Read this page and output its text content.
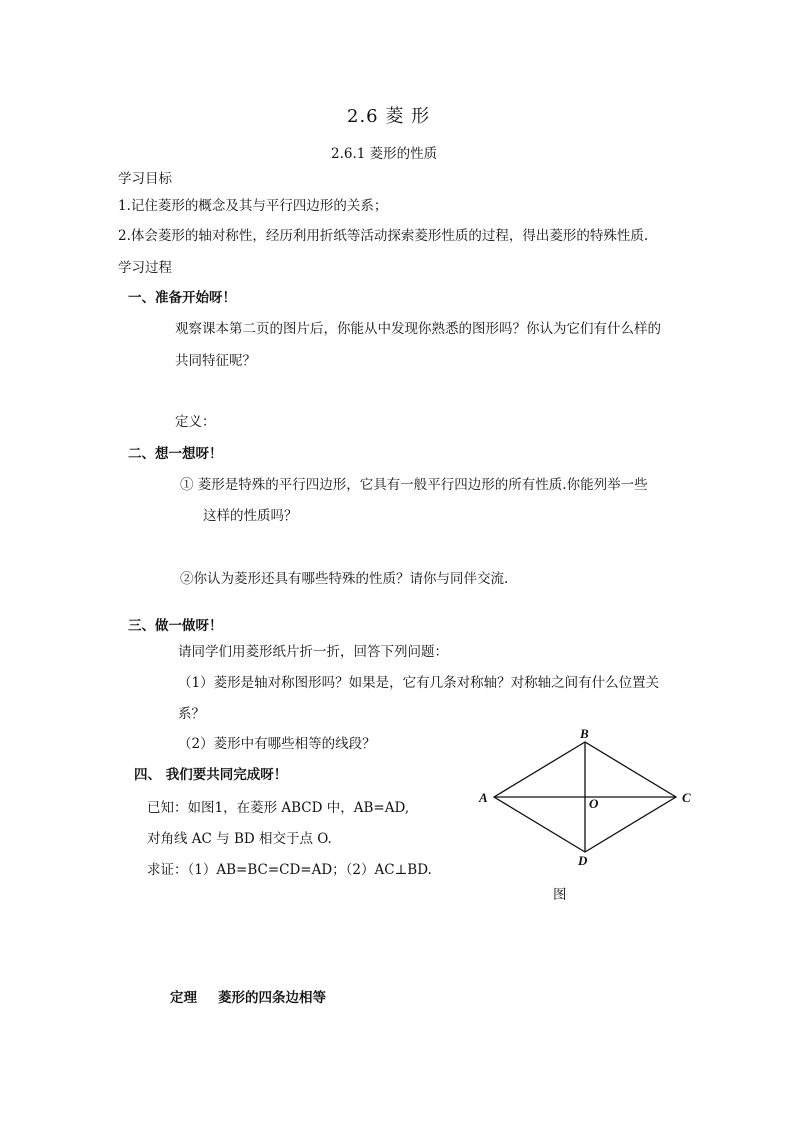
2.6 菱 形
2.6.1 菱形的性质
学习目标
1.记住菱形的概念及其与平行四边形的关系；
2.体会菱形的轴对称性，经历利用折纸等活动探索菱形性质的过程，得出菱形的特殊性质.
学习过程
一、准备开始呀！
观察课本第二页的图片后，你能从中发现你熟悉的图形吗？你认为它们有什么样的
共同特征呢？
定义：
二、想一想呀！
① 菱形是特殊的平行四边形，它具有一般平行四边形的所有性质.你能列举一些
这样的性质吗？
②你认为菱形还具有哪些特殊的性质？请你与同伴交流.
三、做一做呀！
请同学们用菱形纸片折一折，回答下列问题：
（1）菱形是轴对称图形吗？如果是，它有几条对称轴？对称轴之间有什么位置关
系？
（2）菱形中有哪些相等的线段？
四、 我们要共同完成呀！
已知：如图1，在菱形 ABCD 中，AB=AD,
对角线 AC 与 BD 相交于点 O.
求证：（1）AB=BC=CD=AD；（2）AC⊥BD.
B
A	C
O
D
图
定理 菱形的四条边相等
